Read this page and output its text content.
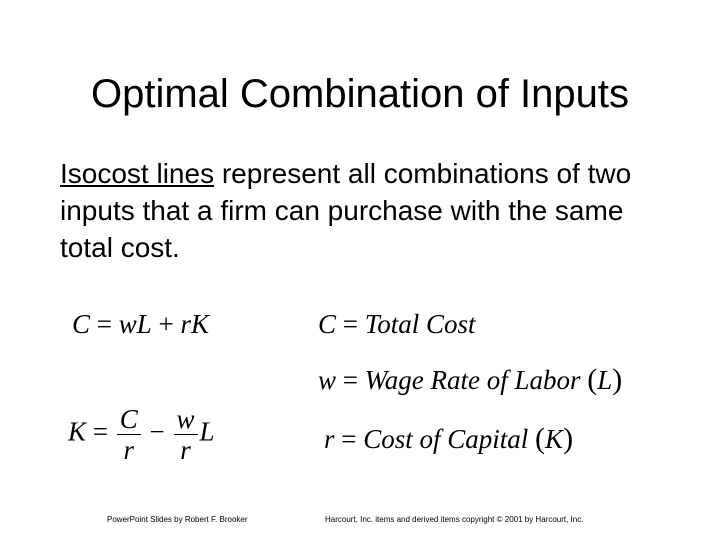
Optimal Combination of Inputs
Isocost lines represent all combinations of two inputs that a firm can purchase with the same total cost.
C = wL + rK
$K = \frac{C}{r} - \frac{w}{r}$ L
C = Total Cost
w = Wage Rate of Labor (L)
r = Cost of Capital (K)
PowerPoint Slides by Robert F. Brooker	Harcourt, Inc. items and derived items copyright © 2001 by Harcourt, Inc.
